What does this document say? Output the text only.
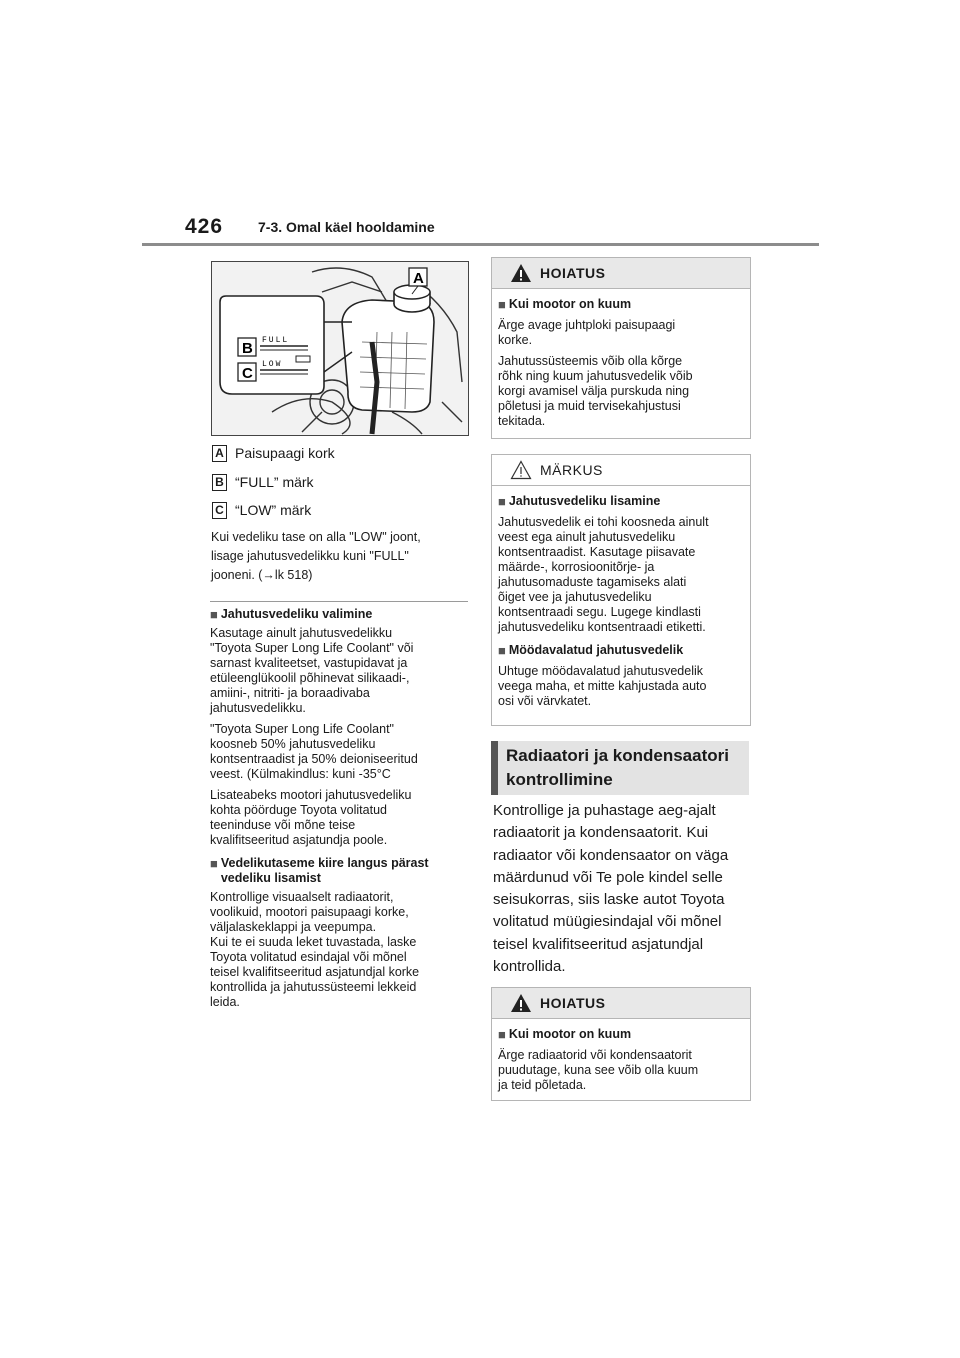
426 7-3. Omal käel hooldamine
FULL
LOW
A
B
C
A Paisupaagi kork
B “FULL” märk
C “LOW” märk
Kui vedeliku tase on alla "LOW" joont,
lisage jahutusvedelikku kuni "FULL"
jooneni. (→lk 518)
■ Jahutusvedeliku valimine

Kasutage ainult jahutusvedelikku
"Toyota Super Long Life Coolant" või
sarnast kvaliteetset, vastupidavat ja
etüleenglükoolil põhinevat silikaadi-,
amiini-, nitriti- ja boraadivaba
jahutusvedelikku.

"Toyota Super Long Life Coolant"
koosneb 50% jahutusvedeliku
kontsentraadist ja 50% deioniseeritud
veest. (Külmakindlus: kuni -35°C

Lisateabeks mootori jahutusvedeliku
kohta pöörduge Toyota volitatud
teeninduse või mõne teise
kvalifitseeritud asjatundja poole.

■ Vedelikutaseme kiire langus pärast
vedeliku lisamist

Kontrollige visuaalselt radiaatorit,
voolikuid, mootori paisupaagi korke,
väljalaskeklappi ja veepumpa.
Kui te ei suuda leket tuvastada, laske
Toyota volitatud esindajal või mõnel
teisel kvalifitseeritud asjatundjal korke
kontrollida ja jahutussüsteemi lekkeid
leida.

HOIATUS
■ Kui mootor on kuum

Ärge avage juhtploki paisupaagi
korke.

Jahutussüsteemis võib olla kõrge
rõhk ning kuum jahutusvedelik võib
korgi avamisel välja purskuda ning
põletusi ja muid tervisekahjustusi
tekitada.

MÄRKUS
■ Jahutusvedeliku lisamine

Jahutusvedelik ei tohi koosneda ainult
veest ega ainult jahutusvedeliku
kontsentraadist. Kasutage piisavate
määrde-, korrosioonitõrje- ja
jahutusomaduste tagamiseks alati
õiget vee ja jahutusvedeliku
kontsentraadi segu. Lugege kindlasti
jahutusvedeliku kontsentraadi etiketti.

■ Möödavalatud jahutusvedelik

Uhtuge möödavalatud jahutusvedelik
veega maha, et mitte kahjustada auto
osi või värvkatet.

Radiaatori ja kondensaatori
kontrollimine
Kontrollige ja puhastage aeg-ajalt
radiaatorit ja kondensaatorit. Kui
radiaator või kondensaator on väga
määrdunud või Te pole kindel selle
seisukorras, siis laske autot Toyota
volitatud müügiesindajal või mõnel
teisel kvalifitseeritud asjatundjal
kontrollida.
HOIATUS
■ Kui mootor on kuum

Ärge radiaatorid või kondensaatorit
puudutage, kuna see võib olla kuum
ja teid põletada.
